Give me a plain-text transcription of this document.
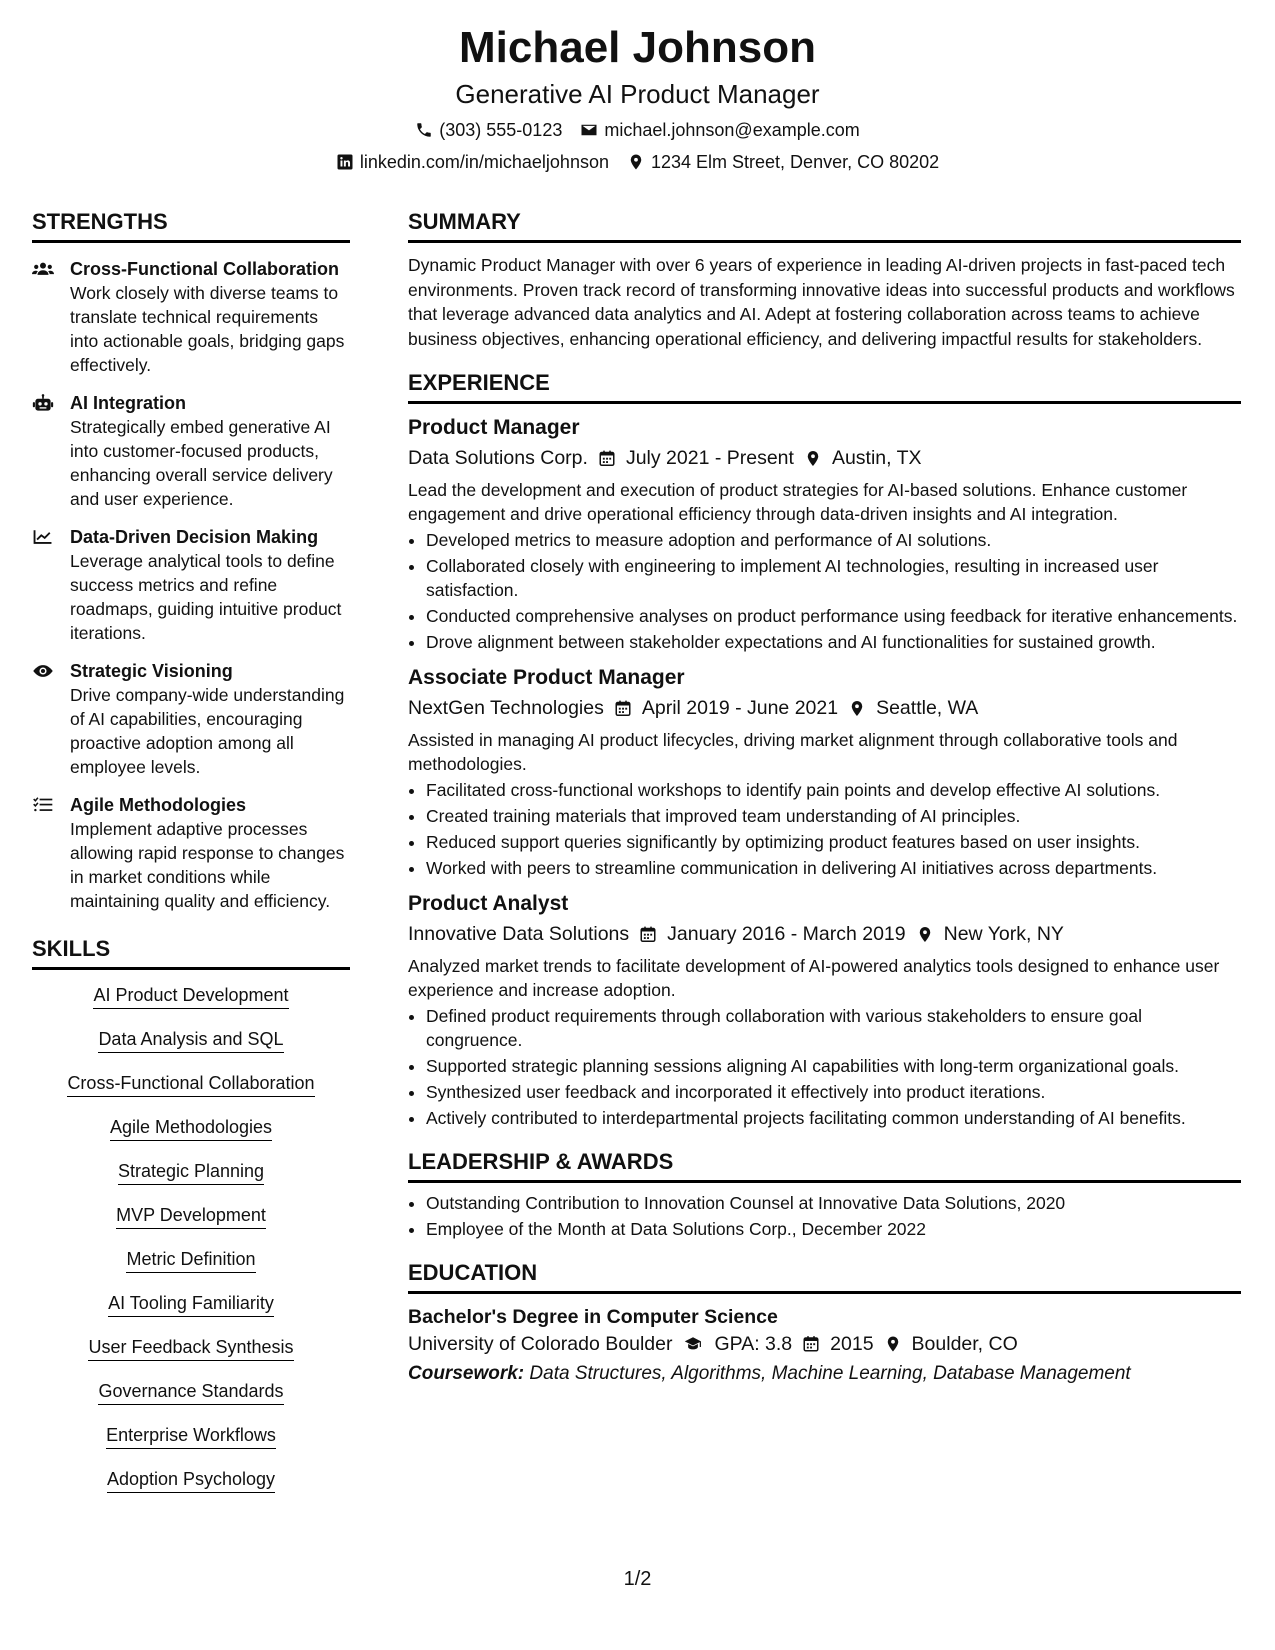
Michael Johnson
Generative AI Product Manager
(303) 555-0123 michael.johnson@example.com
linkedin.com/in/michaeljohnson 1234 Elm Street, Denver, CO 80202
STRENGTHS
Cross-Functional Collaboration
Work closely with diverse teams to translate technical requirements into actionable goals, bridging gaps effectively.
AI Integration
Strategically embed generative AI into customer-focused products, enhancing overall service delivery and user experience.
Data-Driven Decision Making
Leverage analytical tools to define success metrics and refine roadmaps, guiding intuitive product iterations.
Strategic Visioning
Drive company-wide understanding of AI capabilities, encouraging proactive adoption among all employee levels.
Agile Methodologies
Implement adaptive processes allowing rapid response to changes in market conditions while maintaining quality and efficiency.
SKILLS
AI Product Development
Data Analysis and SQL
Cross-Functional Collaboration
Agile Methodologies
Strategic Planning
MVP Development
Metric Definition
AI Tooling Familiarity
User Feedback Synthesis
Governance Standards
Enterprise Workflows
Adoption Psychology
SUMMARY
Dynamic Product Manager with over 6 years of experience in leading AI-driven projects in fast-paced tech environments. Proven track record of transforming innovative ideas into successful products and workflows that leverage advanced data analytics and AI. Adept at fostering collaboration across teams to achieve business objectives, enhancing operational efficiency, and delivering impactful results for stakeholders.
EXPERIENCE
Product Manager
Data Solutions Corp. July 2021 - Present Austin, TX
Lead the development and execution of product strategies for AI-based solutions. Enhance customer engagement and drive operational efficiency through data-driven insights and AI integration.
• Developed metrics to measure adoption and performance of AI solutions.
• Collaborated closely with engineering to implement AI technologies, resulting in increased user satisfaction.
• Conducted comprehensive analyses on product performance using feedback for iterative enhancements.
• Drove alignment between stakeholder expectations and AI functionalities for sustained growth.
Associate Product Manager
NextGen Technologies April 2019 - June 2021 Seattle, WA
Assisted in managing AI product lifecycles, driving market alignment through collaborative tools and methodologies.
• Facilitated cross-functional workshops to identify pain points and develop effective AI solutions.
• Created training materials that improved team understanding of AI principles.
• Reduced support queries significantly by optimizing product features based on user insights.
• Worked with peers to streamline communication in delivering AI initiatives across departments.
Product Analyst
Innovative Data Solutions January 2016 - March 2019 New York, NY
Analyzed market trends to facilitate development of AI-powered analytics tools designed to enhance user experience and increase adoption.
• Defined product requirements through collaboration with various stakeholders to ensure goal congruence.
• Supported strategic planning sessions aligning AI capabilities with long-term organizational goals.
• Synthesized user feedback and incorporated it effectively into product iterations.
• Actively contributed to interdepartmental projects facilitating common understanding of AI benefits.
LEADERSHIP & AWARDS
• Outstanding Contribution to Innovation Counsel at Innovative Data Solutions, 2020
• Employee of the Month at Data Solutions Corp., December 2022
EDUCATION
Bachelor's Degree in Computer Science
University of Colorado Boulder GPA: 3.8 2015 Boulder, CO
Coursework: Data Structures, Algorithms, Machine Learning, Database Management
1/2
